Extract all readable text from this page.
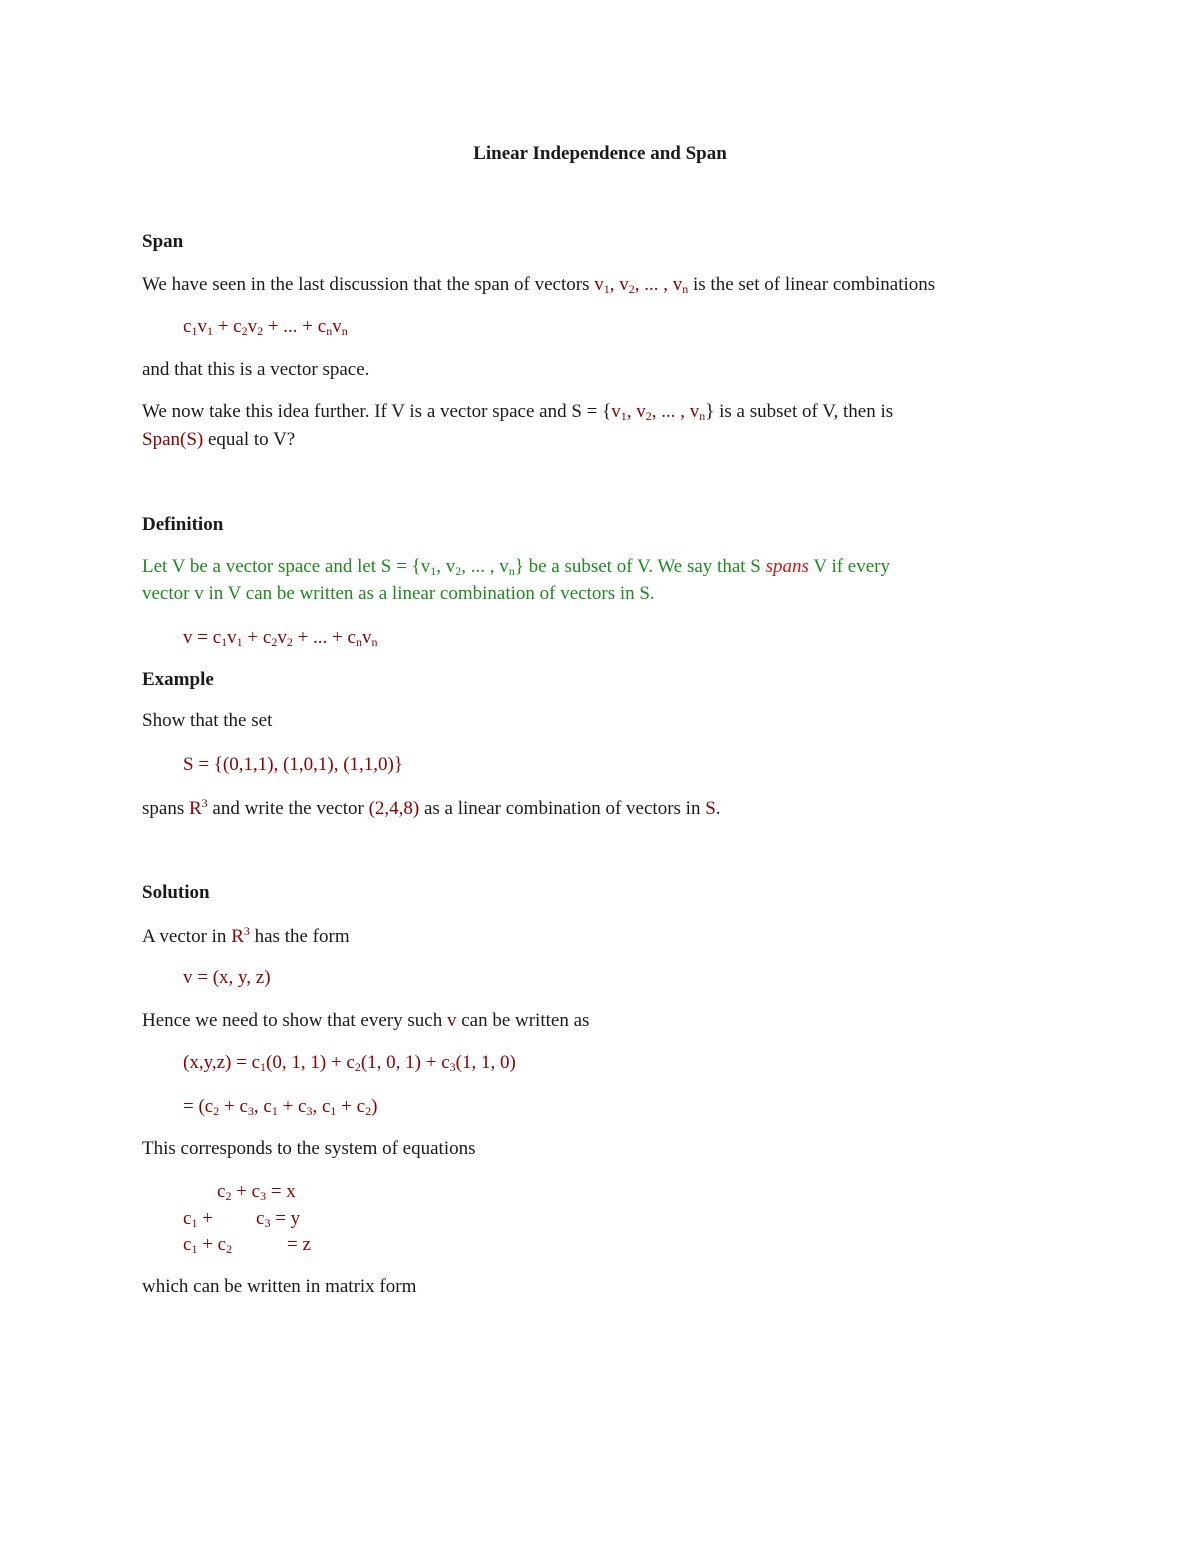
Linear Independence and Span
Span
We have seen in the last discussion that the span of vectors $v_1$, $v_2$, ... , $v_n$ is the set of linear combinations
$c_1v_1 + c_2v_2$ + ... + $c_nv_n$
and that this is a vector space.
We now take this idea further. If V is a vector space and $S = \{v_1$, $v_2$, ... , $v_n$} is a subset of V, then is
Span(S) equal to V?
Definition
Let V be a vector space and let $S = \{v_1$, $v_2$, ... , $v_n$} be a subset of V. We say that S spans V if every
vector v in V can be written as a linear combination of vectors in S.
$v = c_1v_1 + c_2v_2$ + ... + $c_nv_n$
Example
Show that the set
S = {(0,1,1), (1,0,1), (1,1,0)}
spans $R^3$ and write the vector (2,4,8) as a linear combination of vectors in S.
Solution
A vector in $R^3$ has the form
v = (x, y, z)
Hence we need to show that every such v can be written as
$(x,y,z) = c_1(0$, 1, $1) + c_2(1$, 0, $1) + c_3(1$, 1, 0)
= ($c_2 + c_3$, $c_1 + c_3$, $c_1 + c_2$)
This corresponds to the system of equations
$c_2 + c_3 = x$
$c_1 + c_3 = y$
$c_1 + c_2$	= z
which can be written in matrix form
